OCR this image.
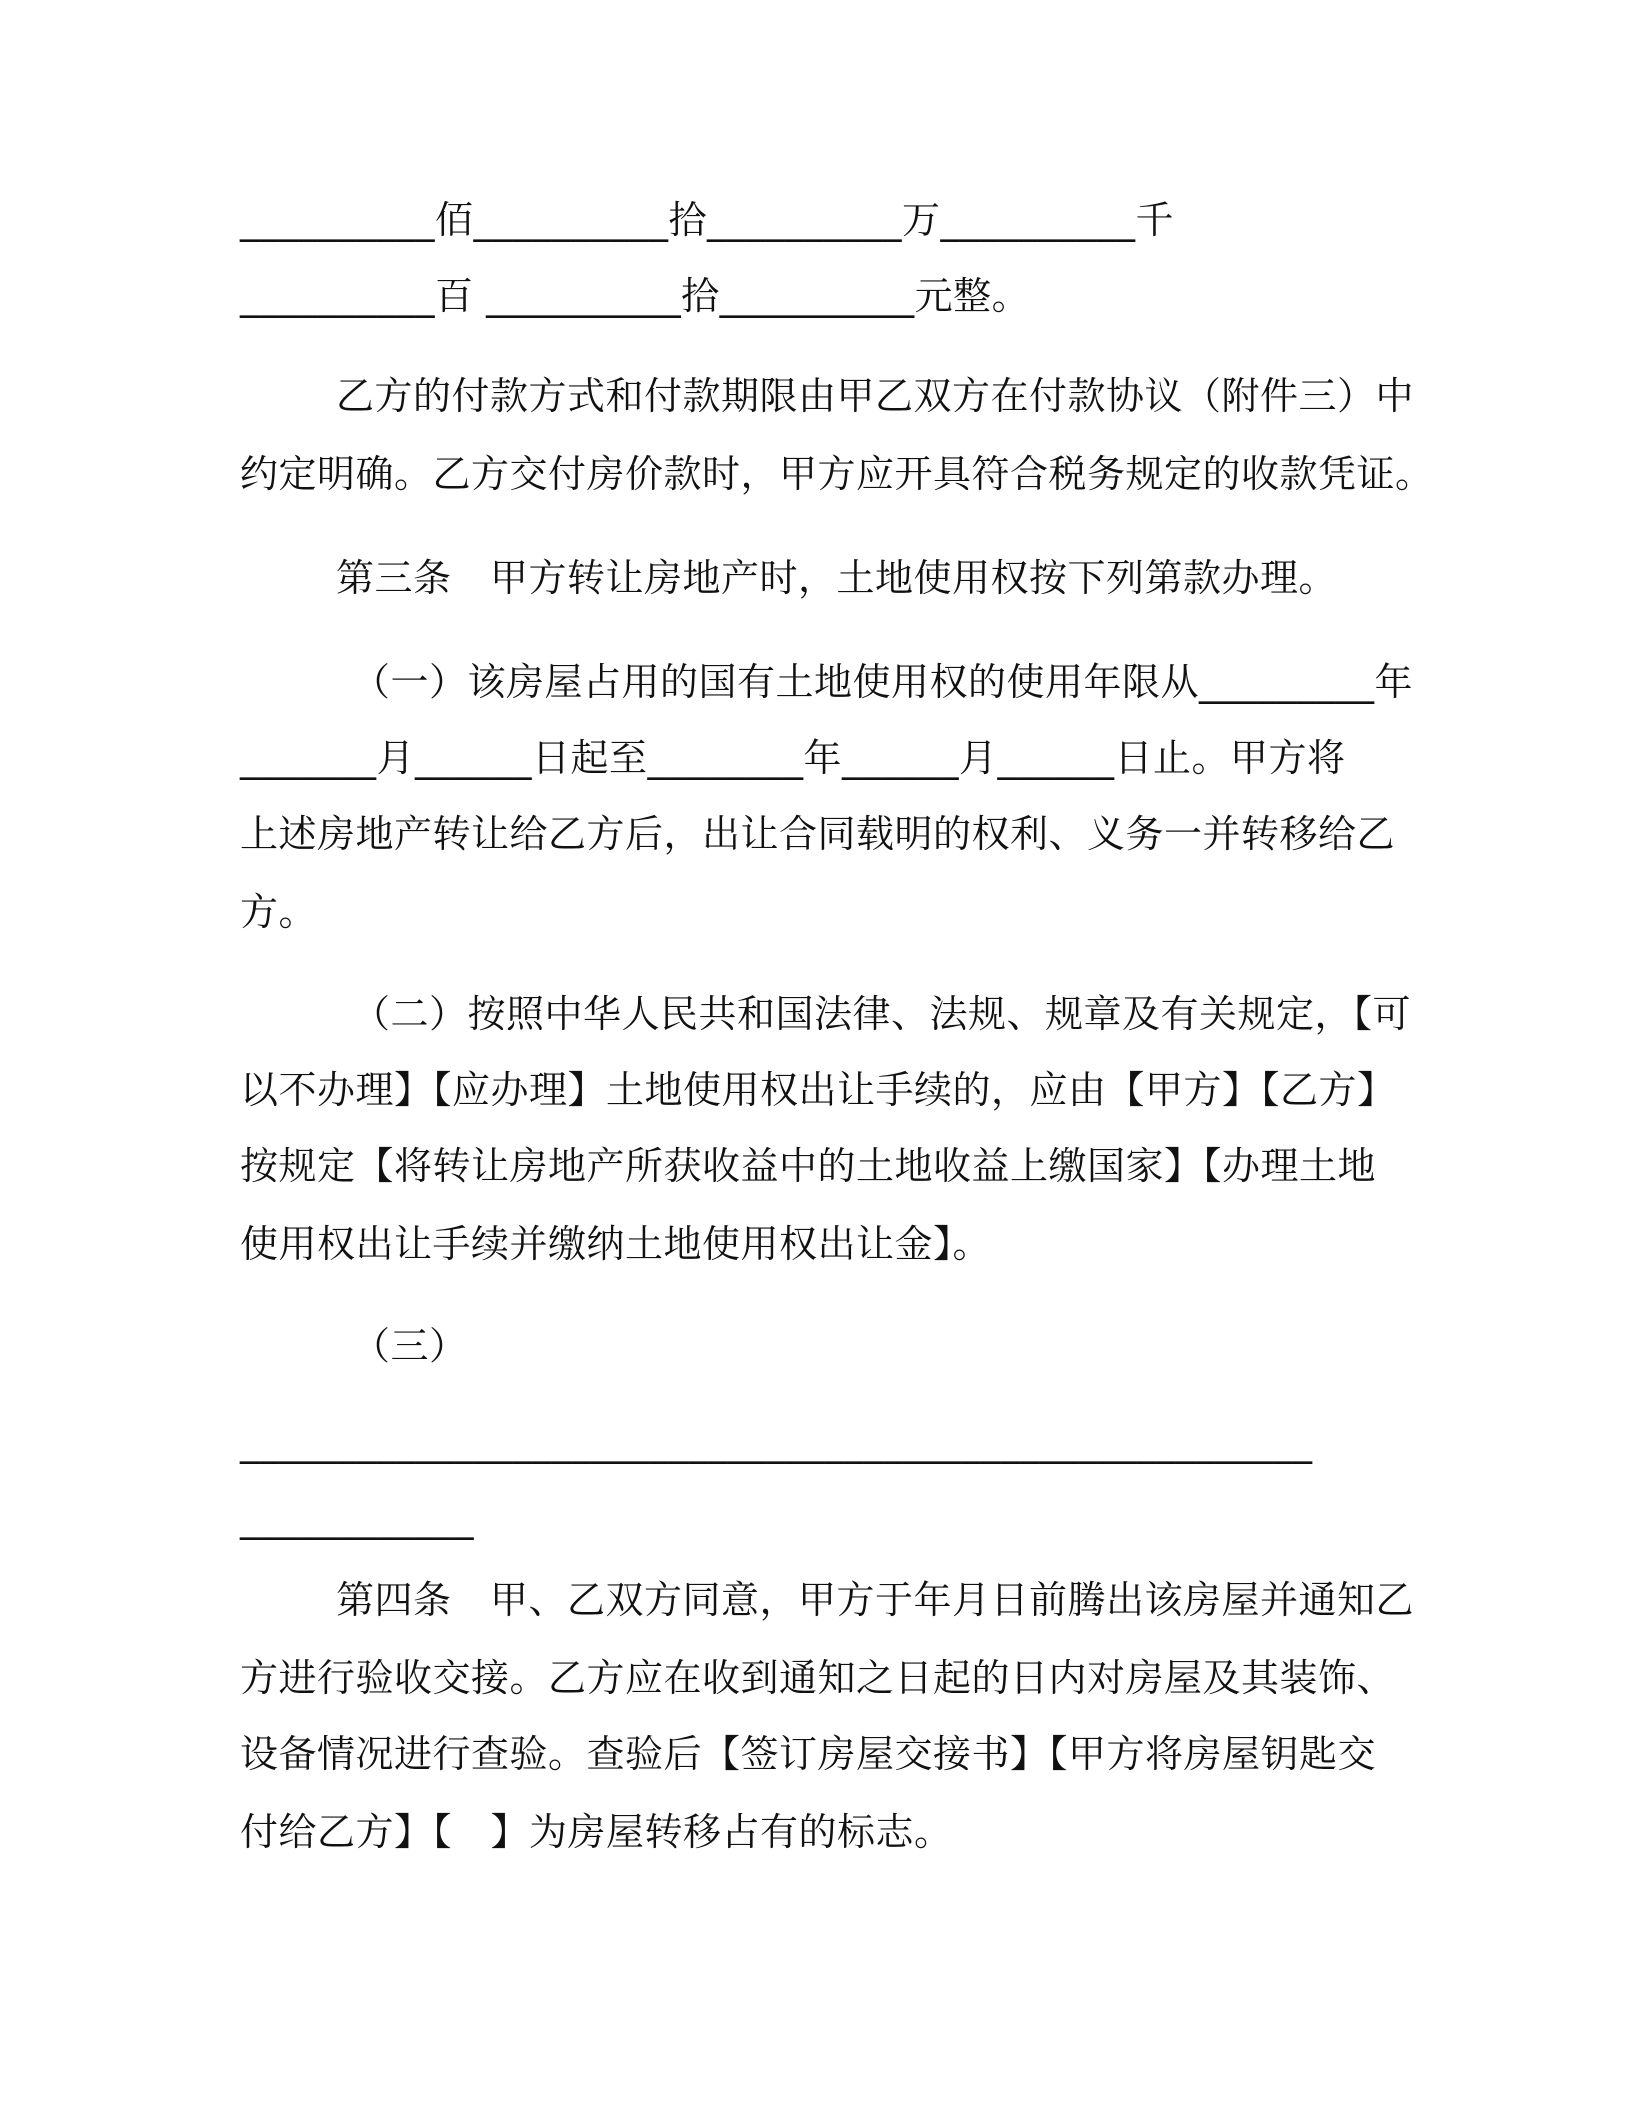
__________佰__________拾__________万__________千
__________百 __________拾__________元整。
乙方的付款方式和付款期限由甲乙双方在付款协议（附件三）中
约定明确。乙方交付房价款时，甲方应开具符合税务规定的收款凭证。
第三条　甲方转让房地产时，土地使用权按下列第款办理。
（一）该房屋占用的国有土地使用权的使用年限从_________年
_______月______日起至________年______月______日止。甲方将
上述房地产转让给乙方后，出让合同载明的权利、义务一并转移给乙
方。
（二）按照中华人民共和国法律、法规、规章及有关规定，【可
以不办理】【应办理】土地使用权出让手续的，应由【甲方】【乙方】
按规定【将转让房地产所获收益中的土地收益上缴国家】【办理土地
使用权出让手续并缴纳土地使用权出让金】。
（三）
_______________________________________________________
____________
第四条　甲、乙双方同意，甲方于年月日前腾出该房屋并通知乙
方进行验收交接。乙方应在收到通知之日起的日内对房屋及其装饰、
设备情况进行查验。查验后【签订房屋交接书】【甲方将房屋钥匙交
付给乙方】【　】为房屋转移占有的标志。
